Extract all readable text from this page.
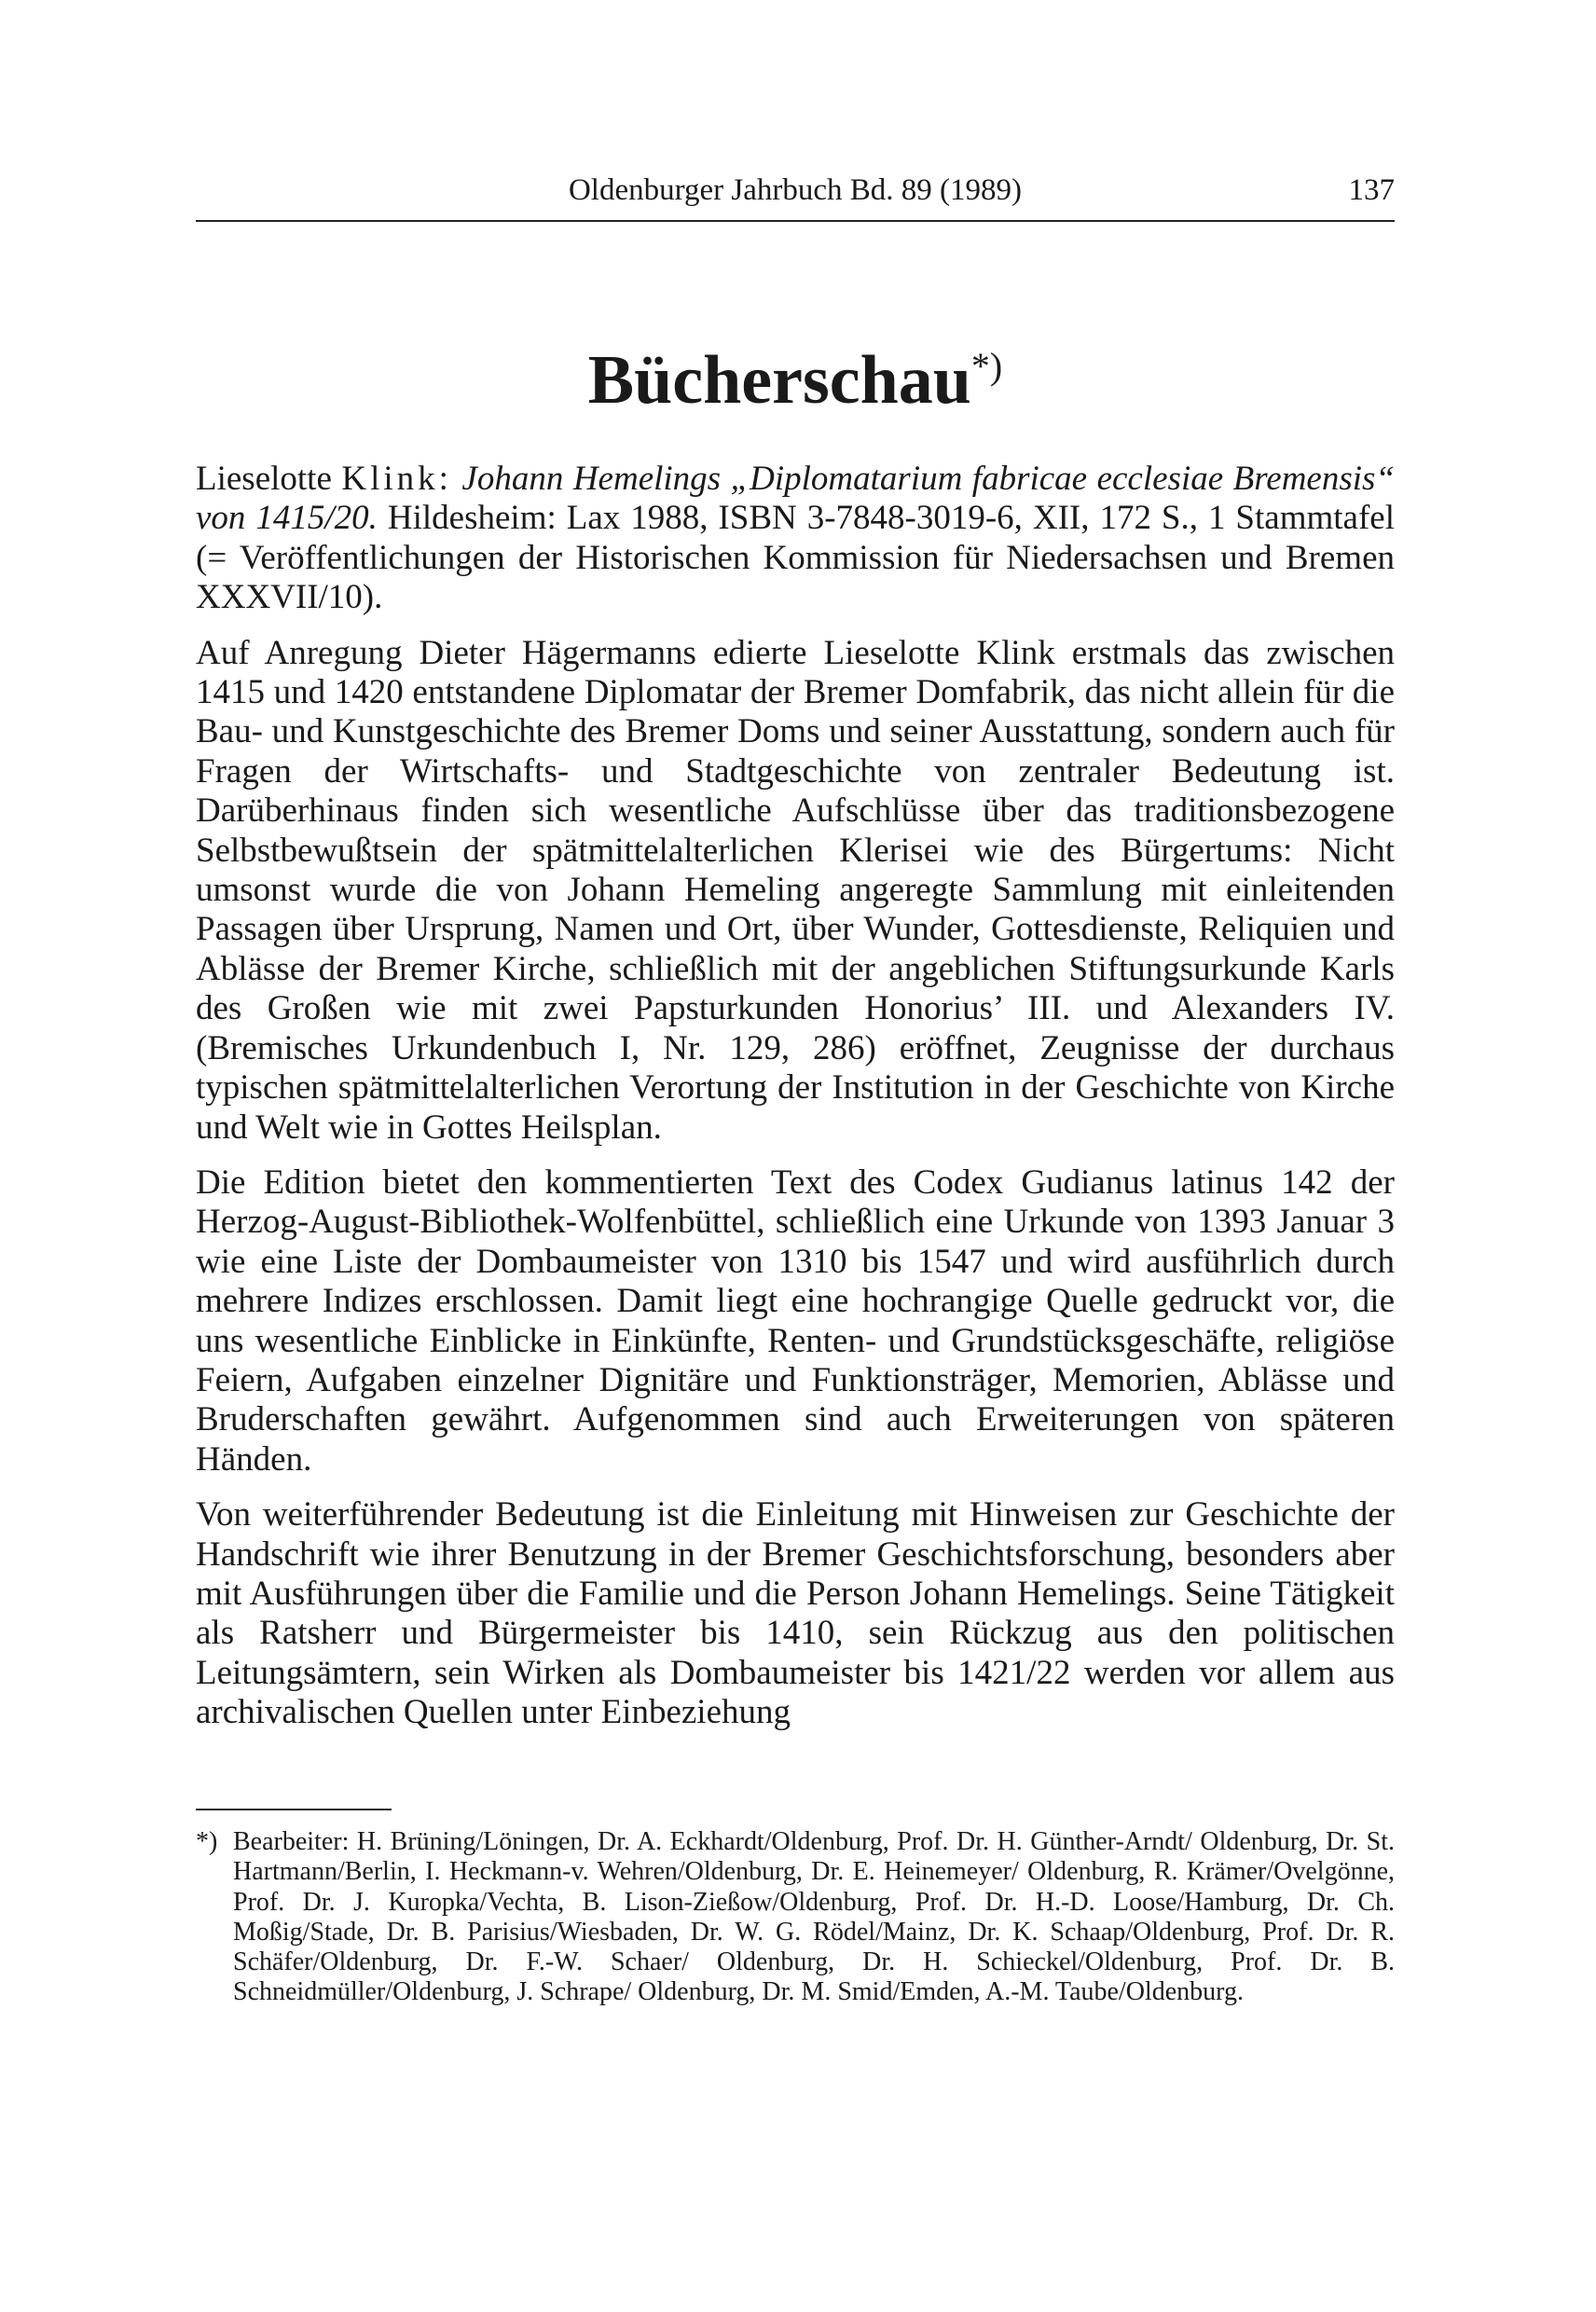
Oldenburger Jahrbuch Bd. 89 (1989)	137
Bücherschau*)

Lieselotte Klink: Johann Hemelings „Diplomatarium fabricae ecclesiae Bremensis“ von 1415/20. Hildesheim: Lax 1988, ISBN 3-7848-3019-6, XII, 172 S., 1 Stammtafel (= Veröffentlichungen der Historischen Kommission für Niedersachsen und Bremen XXXVII/10).

Auf Anregung Dieter Hägermanns edierte Lieselotte Klink erstmals das zwischen 1415 und 1420 entstandene Diplomatar der Bremer Domfabrik, das nicht allein für die Bau- und Kunstgeschichte des Bremer Doms und seiner Ausstattung, sondern auch für Fragen der Wirtschafts- und Stadtgeschichte von zentraler Bedeutung ist. Darüberhinaus finden sich wesentliche Aufschlüsse über das traditionsbezogene Selbstbewußtsein der spätmittelalterlichen Klerisei wie des Bürgertums: Nicht umsonst wurde die von Johann Hemeling angeregte Sammlung mit einleitenden Passagen über Ursprung, Namen und Ort, über Wunder, Gottesdienste, Reliquien und Ablässe der Bremer Kirche, schließlich mit der angeblichen Stiftungsurkunde Karls des Großen wie mit zwei Papsturkunden Honorius’ III. und Alexanders IV. (Bremisches Urkundenbuch I, Nr. 129, 286) eröffnet, Zeugnisse der durchaus typischen spätmittelalterlichen Verortung der Institution in der Geschichte von Kirche und Welt wie in Gottes Heilsplan.

Die Edition bietet den kommentierten Text des Codex Gudianus latinus 142 der Herzog-August-Bibliothek-Wolfenbüttel, schließlich eine Urkunde von 1393 Januar 3 wie eine Liste der Dombaumeister von 1310 bis 1547 und wird ausführlich durch mehrere Indizes erschlossen. Damit liegt eine hochrangige Quelle gedruckt vor, die uns wesentliche Einblicke in Einkünfte, Renten- und Grundstücksgeschäfte, religiöse Feiern, Aufgaben einzelner Dignitäre und Funktionsträger, Memorien, Ablässe und Bruderschaften gewährt. Aufgenommen sind auch Erweiterungen von späteren Händen.

Von weiterführender Bedeutung ist die Einleitung mit Hinweisen zur Geschichte der Handschrift wie ihrer Benutzung in der Bremer Geschichtsforschung, besonders aber mit Ausführungen über die Familie und die Person Johann Hemelings. Seine Tätigkeit als Ratsherr und Bürgermeister bis 1410, sein Rückzug aus den politischen Leitungsämtern, sein Wirken als Dombaumeister bis 1421/22 werden vor allem aus archivalischen Quellen unter Einbeziehung

*) Bearbeiter: H. Brüning/Löningen, Dr. A. Eckhardt/Oldenburg, Prof. Dr. H. Günther-Arndt/ Oldenburg, Dr. St. Hartmann/Berlin, I. Heckmann-v. Wehren/Oldenburg, Dr. E. Heinemeyer/ Oldenburg, R. Krämer/Ovelgönne, Prof. Dr. J. Kuropka/Vechta, B. Lison-Zießow/Oldenburg, Prof. Dr. H.-D. Loose/Hamburg, Dr. Ch. Moßig/Stade, Dr. B. Parisius/Wiesbaden, Dr. W. G. Rödel/Mainz, Dr. K. Schaap/Oldenburg, Prof. Dr. R. Schäfer/Oldenburg, Dr. F.-W. Schaer/ Oldenburg, Dr. H. Schieckel/Oldenburg, Prof. Dr. B. Schneidmüller/Oldenburg, J. Schrape/ Oldenburg, Dr. M. Smid/Emden, A.-M. Taube/Oldenburg.
